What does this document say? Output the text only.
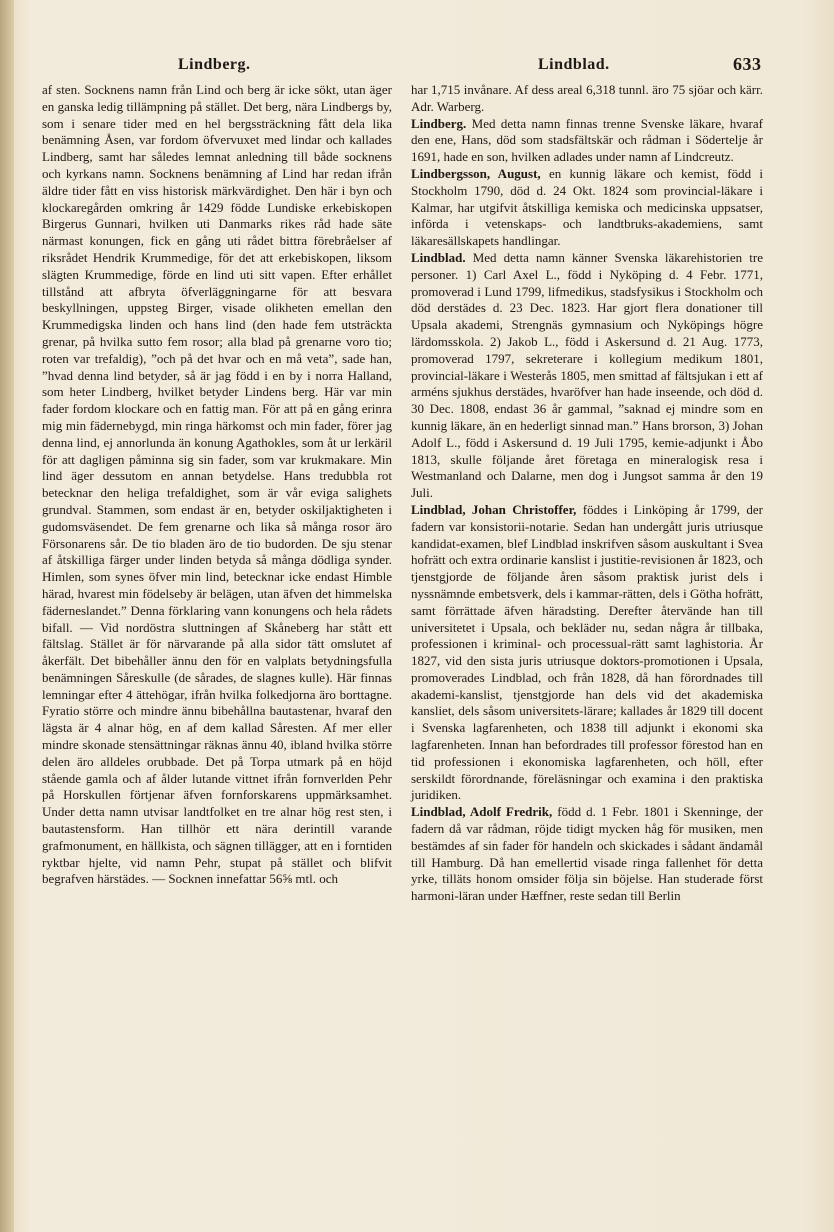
Lindberg.	Lindblad.	633

af sten. Socknens namn från Lind och berg är icke sökt, utan äger en ganska ledig tillämpning på stället. Det berg, nära Lindbergs by, som i senare tider med en hel bergssträckning fått dela lika benämning Åsen, var fordom öfvervuxet med lindar och kallades Lindberg, samt har således lemnat anledning till både socknens och kyrkans namn. Socknens benämning af Lind har redan ifrån äldre tider fått en viss historisk märkvärdighet. Den här i byn och klockaregården omkring år 1429 födde Lundiske erkebiskopen Birgerus Gunnari, hvilken uti Danmarks rikes råd hade säte närmast konungen, fick en gång uti rådet bittra förebråelser af riksrådet Hendrik Krummedige, för det att erkebiskopen, liksom slägten Krummedige, förde en lind uti sitt vapen. Efter erhållet tillstånd att afbryta öfverläggningarne för att besvara beskyllningen, uppsteg Birger, visade olikheten emellan den Krummedigska linden och hans lind (den hade fem utsträckta grenar, på hvilka sutto fem rosor; alla blad på grenarne voro tio; roten var trefaldig), ”och på det hvar och en må veta”, sade han, ”hvad denna lind betyder, så är jag född i en by i norra Halland, som heter Lindberg, hvilket betyder Lindens berg. Här var min fader fordom klockare och en fattig man. För att på en gång erinra mig min fädernebygd, min ringa härkomst och min fader, förer jag denna lind, ej annorlunda än konung Agathokles, som åt ur lerkäril för att dagligen påminna sig sin fader, som var krukmakare. Min lind äger dessutom en annan betydelse. Hans tredubbla rot betecknar den heliga trefaldighet, som är vår eviga salighets grundval. Stammen, som endast är en, betyder oskiljaktigheten i gudomsväsendet. De fem grenarne och lika så många rosor äro Försonarens sår. De tio bladen äro de tio budorden. De sju stenar af åtskilliga färger under linden betyda så många dödliga synder. Himlen, som synes öfver min lind, betecknar icke endast Himble härad, hvarest min födelseby är belägen, utan äfven det himmelska fäderneslandet.” Denna förklaring vann konungens och hela rådets bifall. — Vid nordöstra sluttningen af Skåneberg har stått ett fältslag. Stället är för närvarande på alla sidor tätt omslutet af åkerfält. Det bibehåller ännu den för en valplats betydningsfulla benämningen Såreskulle (de sårades, de slagnes kulle). Här finnas lemningar efter 4 ättehögar, ifrån hvilka folkedjorna äro borttagne. Fyratio större och mindre ännu bibehållna bautastenar, hvaraf den lägsta är 4 alnar hög, en af dem kallad Såresten. Af mer eller mindre skonade stensättningar räknas ännu 40, ibland hvilka större delen äro alldeles orubbade. Det på Torpa utmark på en höjd stående gamla och af ålder lutande vittnet ifrån fornverlden Pehr på Horskullen förtjenar äfven fornforskarens uppmärksamhet. Under detta namn utvisar landtfolket en tre alnar hög rest sten, i bautastensform. Han tillhör ett nära derintill varande grafmonument, en hällkista, och sägnen tillägger, att en i forntiden ryktbar hjelte, vid namn Pehr, stupat på stället och blifvit begrafven härstädes. — Socknen innefattar 56⅝ mtl. och

har 1,715 invånare. Af dess areal 6,318 tunnl. äro 75 sjöar och kärr. Adr. Warberg.

Lindberg. Med detta namn finnas trenne Svenske läkare, hvaraf den ene, Hans, död som stadsfältskär och rådman i Södertelje år 1691, hade en son, hvilken adlades under namn af Lindcreutz.

Lindbergsson, August, en kunnig läkare och kemist, född i Stockholm 1790, död d. 24 Okt. 1824 som provincial-läkare i Kalmar, har utgifvit åtskilliga kemiska och medicinska uppsatser, införda i vetenskaps- och landtbruks-akademiens, samt läkaresällskapets handlingar.

Lindblad. Med detta namn känner Svenska läkarehistorien tre personer. 1) Carl Axel L., född i Nyköping d. 4 Febr. 1771, promoverad i Lund 1799, lifmedikus, stadsfysikus i Stockholm och död derstädes d. 23 Dec. 1823. Har gjort flera donationer till Upsala akademi, Strengnäs gymnasium och Nyköpings högre lärdomsskola. 2) Jakob L., född i Askersund d. 21 Aug. 1773, promoverad 1797, sekreterare i kollegium medikum 1801, provincial-läkare i Westerås 1805, men smittad af fältsjukan i ett af arméns sjukhus derstädes, hvaröfver han hade inseende, och död d. 30 Dec. 1808, endast 36 år gammal, ”saknad ej mindre som en kunnig läkare, än en hederligt sinnad man.” Hans brorson, 3) Johan Adolf L., född i Askersund d. 19 Juli 1795, kemie-adjunkt i Åbo 1813, skulle följande året företaga en mineralogisk resa i Westmanland och Dalarne, men dog i Jungsot samma år den 19 Juli.

Lindblad, Johan Christoffer, föddes i Linköping år 1799, der fadern var konsistorii-notarie. Sedan han undergått juris utriusque kandidat-examen, blef Lindblad inskrifven såsom auskultant i Svea hofrätt och extra ordinarie kanslist i justitie-revisionen år 1823, och tjenstgjorde de följande åren såsom praktisk jurist dels i nyssnämnde embetsverk, dels i kammar-rätten, dels i Götha hofrätt, samt förrättade äfven häradsting. Derefter återvände han till universitetet i Upsala, och bekläder nu, sedan några år tillbaka, professionen i kriminal- och processual-rätt samt laghistoria. År 1827, vid den sista juris utriusque doktors-promotionen i Upsala, promoverades Lindblad, och från 1828, då han förordnades till akademi-kanslist, tjenstgjorde han dels vid det akademiska kansliet, dels såsom universitets-lärare; kallades år 1829 till docent i Svenska lagfarenheten, och 1838 till adjunkt i ekonomi ska lagfarenheten. Innan han befordrades till professor förestod han en tid professionen i ekonomiska lagfarenheten, och höll, efter serskildt förordnande, föreläsningar och examina i den praktiska juridiken.

Lindblad, Adolf Fredrik, född d. 1 Febr. 1801 i Skenninge, der fadern då var rådman, röjde tidigt mycken håg för musiken, men bestämdes af sin fader för handeln och skickades i sådant ändamål till Hamburg. Då han emellertid visade ringa fallenhet för detta yrke, tilläts honom omsider följa sin böjelse. Han studerade först harmoni-läran under Hæffner, reste sedan till Berlin
